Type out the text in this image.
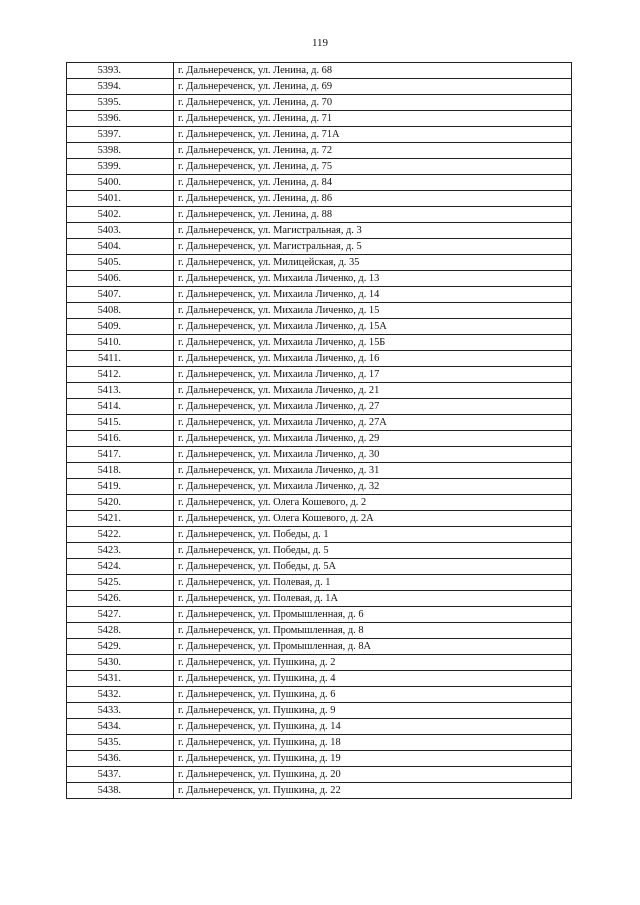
119
5393.	г. Дальнереченск, ул. Ленина, д. 68
5394.	г. Дальнереченск, ул. Ленина, д. 69
5395.	г. Дальнереченск, ул. Ленина, д. 70
5396.	г. Дальнереченск, ул. Ленина, д. 71
5397.	г. Дальнереченск, ул. Ленина, д. 71А
5398.	г. Дальнереченск, ул. Ленина, д. 72
5399.	г. Дальнереченск, ул. Ленина, д. 75
5400.	г. Дальнереченск, ул. Ленина, д. 84
5401.	г. Дальнереченск, ул. Ленина, д. 86
5402.	г. Дальнереченск, ул. Ленина, д. 88
5403.	г. Дальнереченск, ул. Магистральная, д. 3
5404.	г. Дальнереченск, ул. Магистральная, д. 5
5405.	г. Дальнереченск, ул. Милицейская, д. 35
5406.	г. Дальнереченск, ул. Михаила Личенко, д. 13
5407.	г. Дальнереченск, ул. Михаила Личенко, д. 14
5408.	г. Дальнереченск, ул. Михаила Личенко, д. 15
5409.	г. Дальнереченск, ул. Михаила Личенко, д. 15А
5410.	г. Дальнереченск, ул. Михаила Личенко, д. 15Б
5411.	г. Дальнереченск, ул. Михаила Личенко, д. 16
5412.	г. Дальнереченск, ул. Михаила Личенко, д. 17
5413.	г. Дальнереченск, ул. Михаила Личенко, д. 21
5414.	г. Дальнереченск, ул. Михаила Личенко, д. 27
5415.	г. Дальнереченск, ул. Михаила Личенко, д. 27А
5416.	г. Дальнереченск, ул. Михаила Личенко, д. 29
5417.	г. Дальнереченск, ул. Михаила Личенко, д. 30
5418.	г. Дальнереченск, ул. Михаила Личенко, д. 31
5419.	г. Дальнереченск, ул. Михаила Личенко, д. 32
5420.	г. Дальнереченск, ул. Олега Кошевого, д. 2
5421.	г. Дальнереченск, ул. Олега Кошевого, д. 2А
5422.	г. Дальнереченск, ул. Победы, д. 1
5423.	г. Дальнереченск, ул. Победы, д. 5
5424.	г. Дальнереченск, ул. Победы, д. 5А
5425.	г. Дальнереченск, ул. Полевая, д. 1
5426.	г. Дальнереченск, ул. Полевая, д. 1А
5427.	г. Дальнереченск, ул. Промышленная, д. 6
5428.	г. Дальнереченск, ул. Промышленная, д. 8
5429.	г. Дальнереченск, ул. Промышленная, д. 8А
5430.	г. Дальнереченск, ул. Пушкина, д. 2
5431.	г. Дальнереченск, ул. Пушкина, д. 4
5432.	г. Дальнереченск, ул. Пушкина, д. 6
5433.	г. Дальнереченск, ул. Пушкина, д. 9
5434.	г. Дальнереченск, ул. Пушкина, д. 14
5435.	г. Дальнереченск, ул. Пушкина, д. 18
5436.	г. Дальнереченск, ул. Пушкина, д. 19
5437.	г. Дальнереченск, ул. Пушкина, д. 20
5438.	г. Дальнереченск, ул. Пушкина, д. 22
